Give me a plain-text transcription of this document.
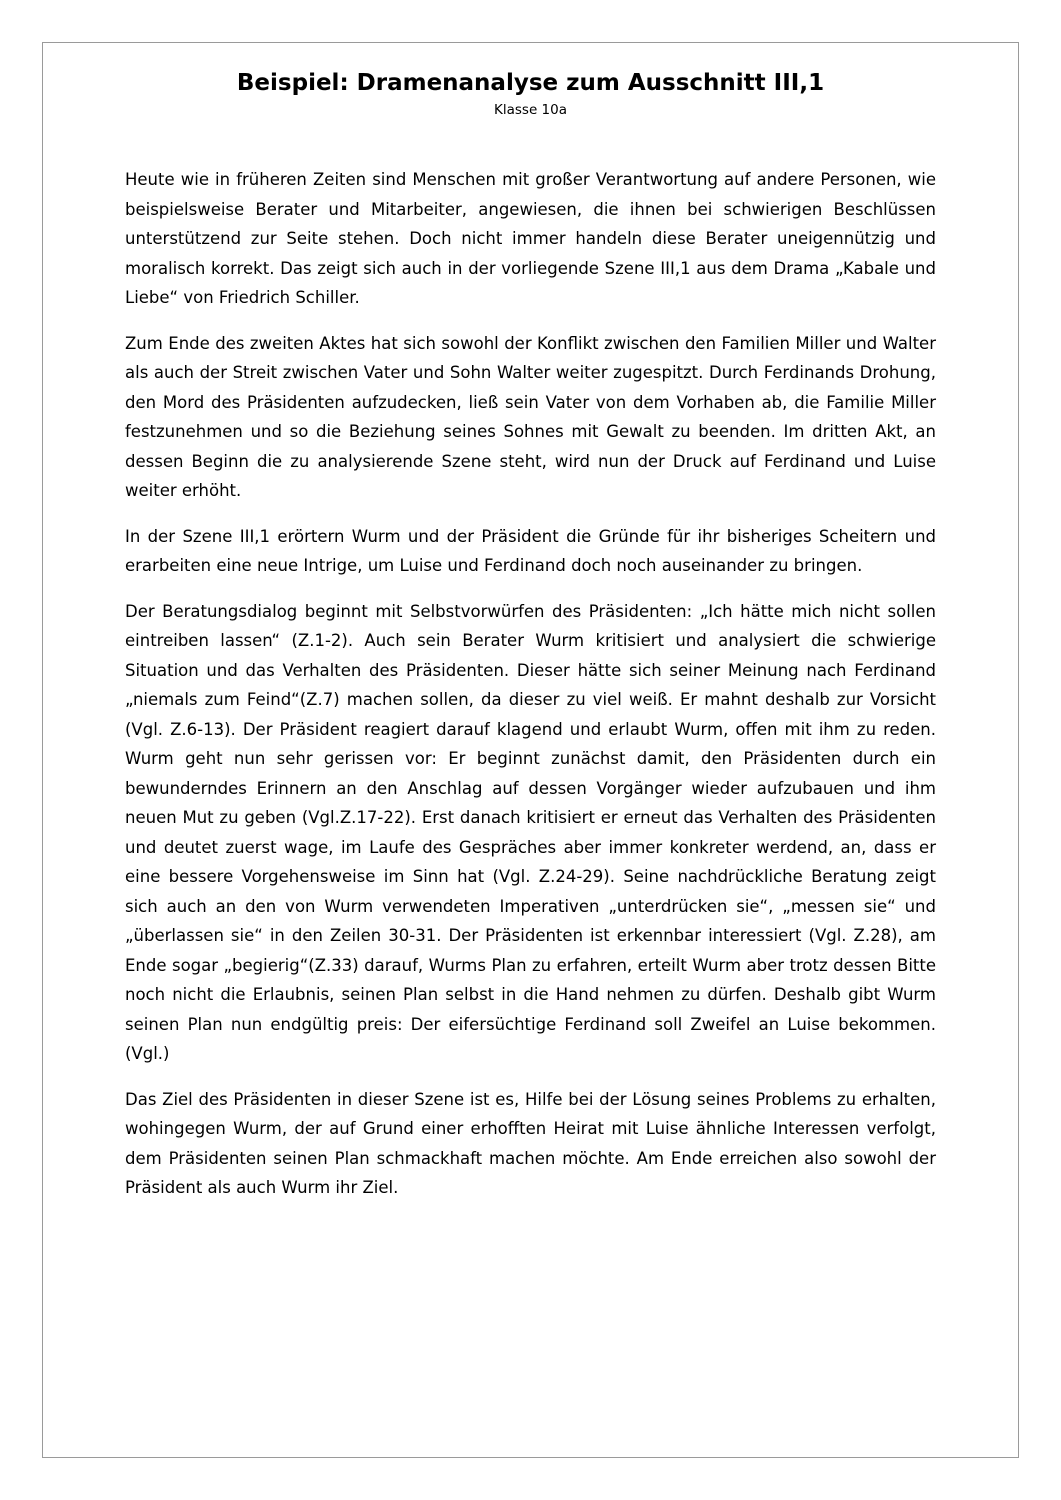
Beispiel: Dramenanalyse zum Ausschnitt III,1
Klasse 10a

Heute wie in früheren Zeiten sind Menschen mit großer Verantwortung auf andere Personen, wie beispielsweise Berater und Mitarbeiter, angewiesen, die ihnen bei schwierigen Beschlüssen unterstützend zur Seite stehen. Doch nicht immer handeln diese Berater uneigennützig und moralisch korrekt. Das zeigt sich auch in der vorliegende Szene III,1 aus dem Drama „Kabale und Liebe“ von Friedrich Schiller.

Zum Ende des zweiten Aktes hat sich sowohl der Konflikt zwischen den Familien Miller und Walter als auch der Streit zwischen Vater und Sohn Walter weiter zugespitzt. Durch Ferdinands Drohung, den Mord des Präsidenten aufzudecken, ließ sein Vater von dem Vorhaben ab, die Familie Miller festzunehmen und so die Beziehung seines Sohnes mit Gewalt zu beenden. Im dritten Akt, an dessen Beginn die zu analysierende Szene steht, wird nun der Druck auf Ferdinand und Luise weiter erhöht.

In der Szene III,1 erörtern Wurm und der Präsident die Gründe für ihr bisheriges Scheitern und erarbeiten eine neue Intrige, um Luise und Ferdinand doch noch auseinander zu bringen.

Der Beratungsdialog beginnt mit Selbstvorwürfen des Präsidenten: „Ich hätte mich nicht sollen eintreiben lassen“ (Z.1-2). Auch sein Berater Wurm kritisiert und analysiert die schwierige Situation und das Verhalten des Präsidenten. Dieser hätte sich seiner Meinung nach Ferdinand „niemals zum Feind“(Z.7) machen sollen, da dieser zu viel weiß. Er mahnt deshalb zur Vorsicht (Vgl. Z.6-13). Der Präsident reagiert darauf klagend und erlaubt Wurm, offen mit ihm zu reden. Wurm geht nun sehr gerissen vor: Er beginnt zunächst damit, den Präsidenten durch ein bewunderndes Erinnern an den Anschlag auf dessen Vorgänger wieder aufzubauen und ihm neuen Mut zu geben (Vgl.Z.17-22). Erst danach kritisiert er erneut das Verhalten des Präsidenten und deutet zuerst wage, im Laufe des Gespräches aber immer konkreter werdend, an, dass er eine bessere Vorgehensweise im Sinn hat (Vgl. Z.24-29). Seine nachdrückliche Beratung zeigt sich auch an den von Wurm verwendeten Imperativen „unterdrücken sie“, „messen sie“ und „überlassen sie“ in den Zeilen 30-31. Der Präsidenten ist erkennbar interessiert (Vgl. Z.28), am Ende sogar „begierig“(Z.33) darauf, Wurms Plan zu erfahren, erteilt Wurm aber trotz dessen Bitte noch nicht die Erlaubnis, seinen Plan selbst in die Hand nehmen zu dürfen. Deshalb gibt Wurm seinen Plan nun endgültig preis: Der eifersüchtige Ferdinand soll Zweifel an Luise bekommen. (Vgl.)

Das Ziel des Präsidenten in dieser Szene ist es, Hilfe bei der Lösung seines Problems zu erhalten, wohingegen Wurm, der auf Grund einer erhofften Heirat mit Luise ähnliche Interessen verfolgt, dem Präsidenten seinen Plan schmackhaft machen möchte. Am Ende erreichen also sowohl der Präsident als auch Wurm ihr Ziel.
